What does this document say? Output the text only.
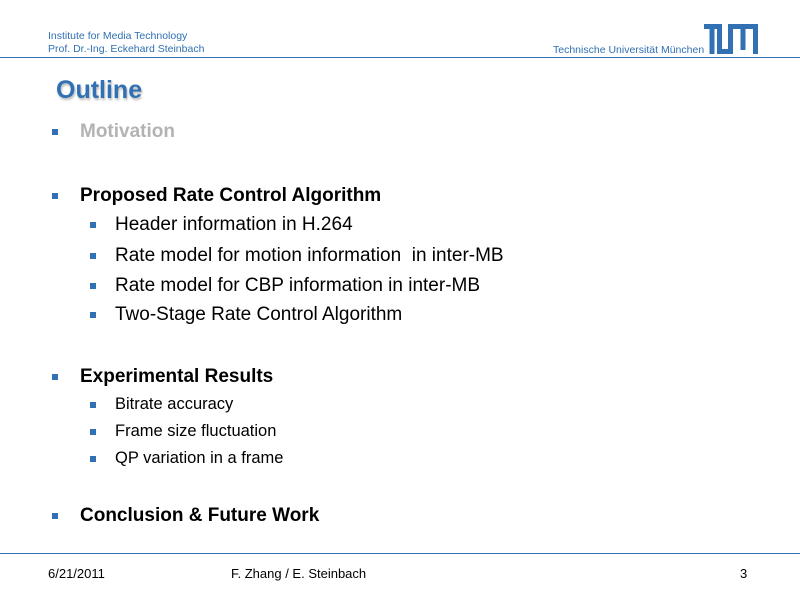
Institute for Media Technology
Prof. Dr.-Ing. Eckehard Steinbach	Technische Universität München
Outline
Motivation
Proposed Rate Control Algorithm
Header information in H.264
Rate model for motion information  in inter-MB
Rate model for CBP information in inter-MB
Two-Stage Rate Control Algorithm
Experimental Results
Bitrate accuracy
Frame size fluctuation
QP variation in a frame
Conclusion & Future Work
6/21/2011	F. Zhang / E. Steinbach	3
